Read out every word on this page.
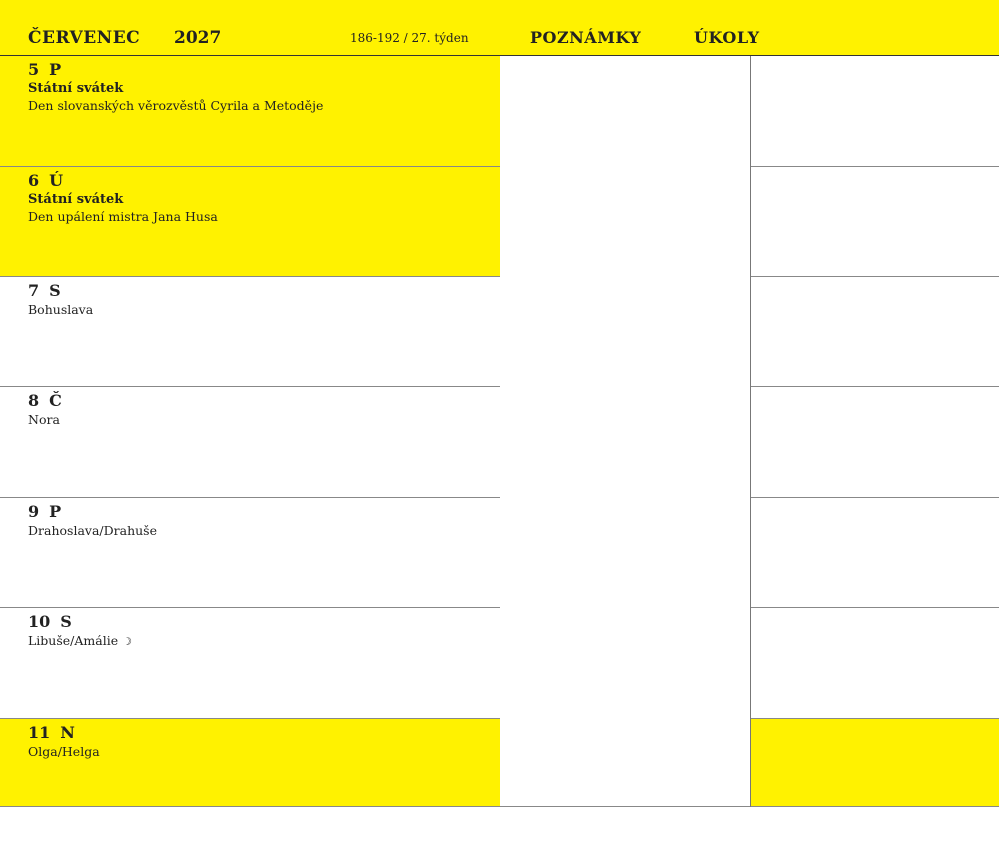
ČERVENEC 2027	186-192 / 27. týden	POZNÁMKY	ÚKOLY
5 P
Státní svátek
Den slovanských věrozvěstů Cyrila a Metoděje
6 Ú
Státní svátek
Den upálení mistra Jana Husa
7 S
Bohuslava
8 Č
Nora
9 P
Drahoslava/Drahuše
10 S
Libuše/Amálie ☽
11 N
Olga/Helga
